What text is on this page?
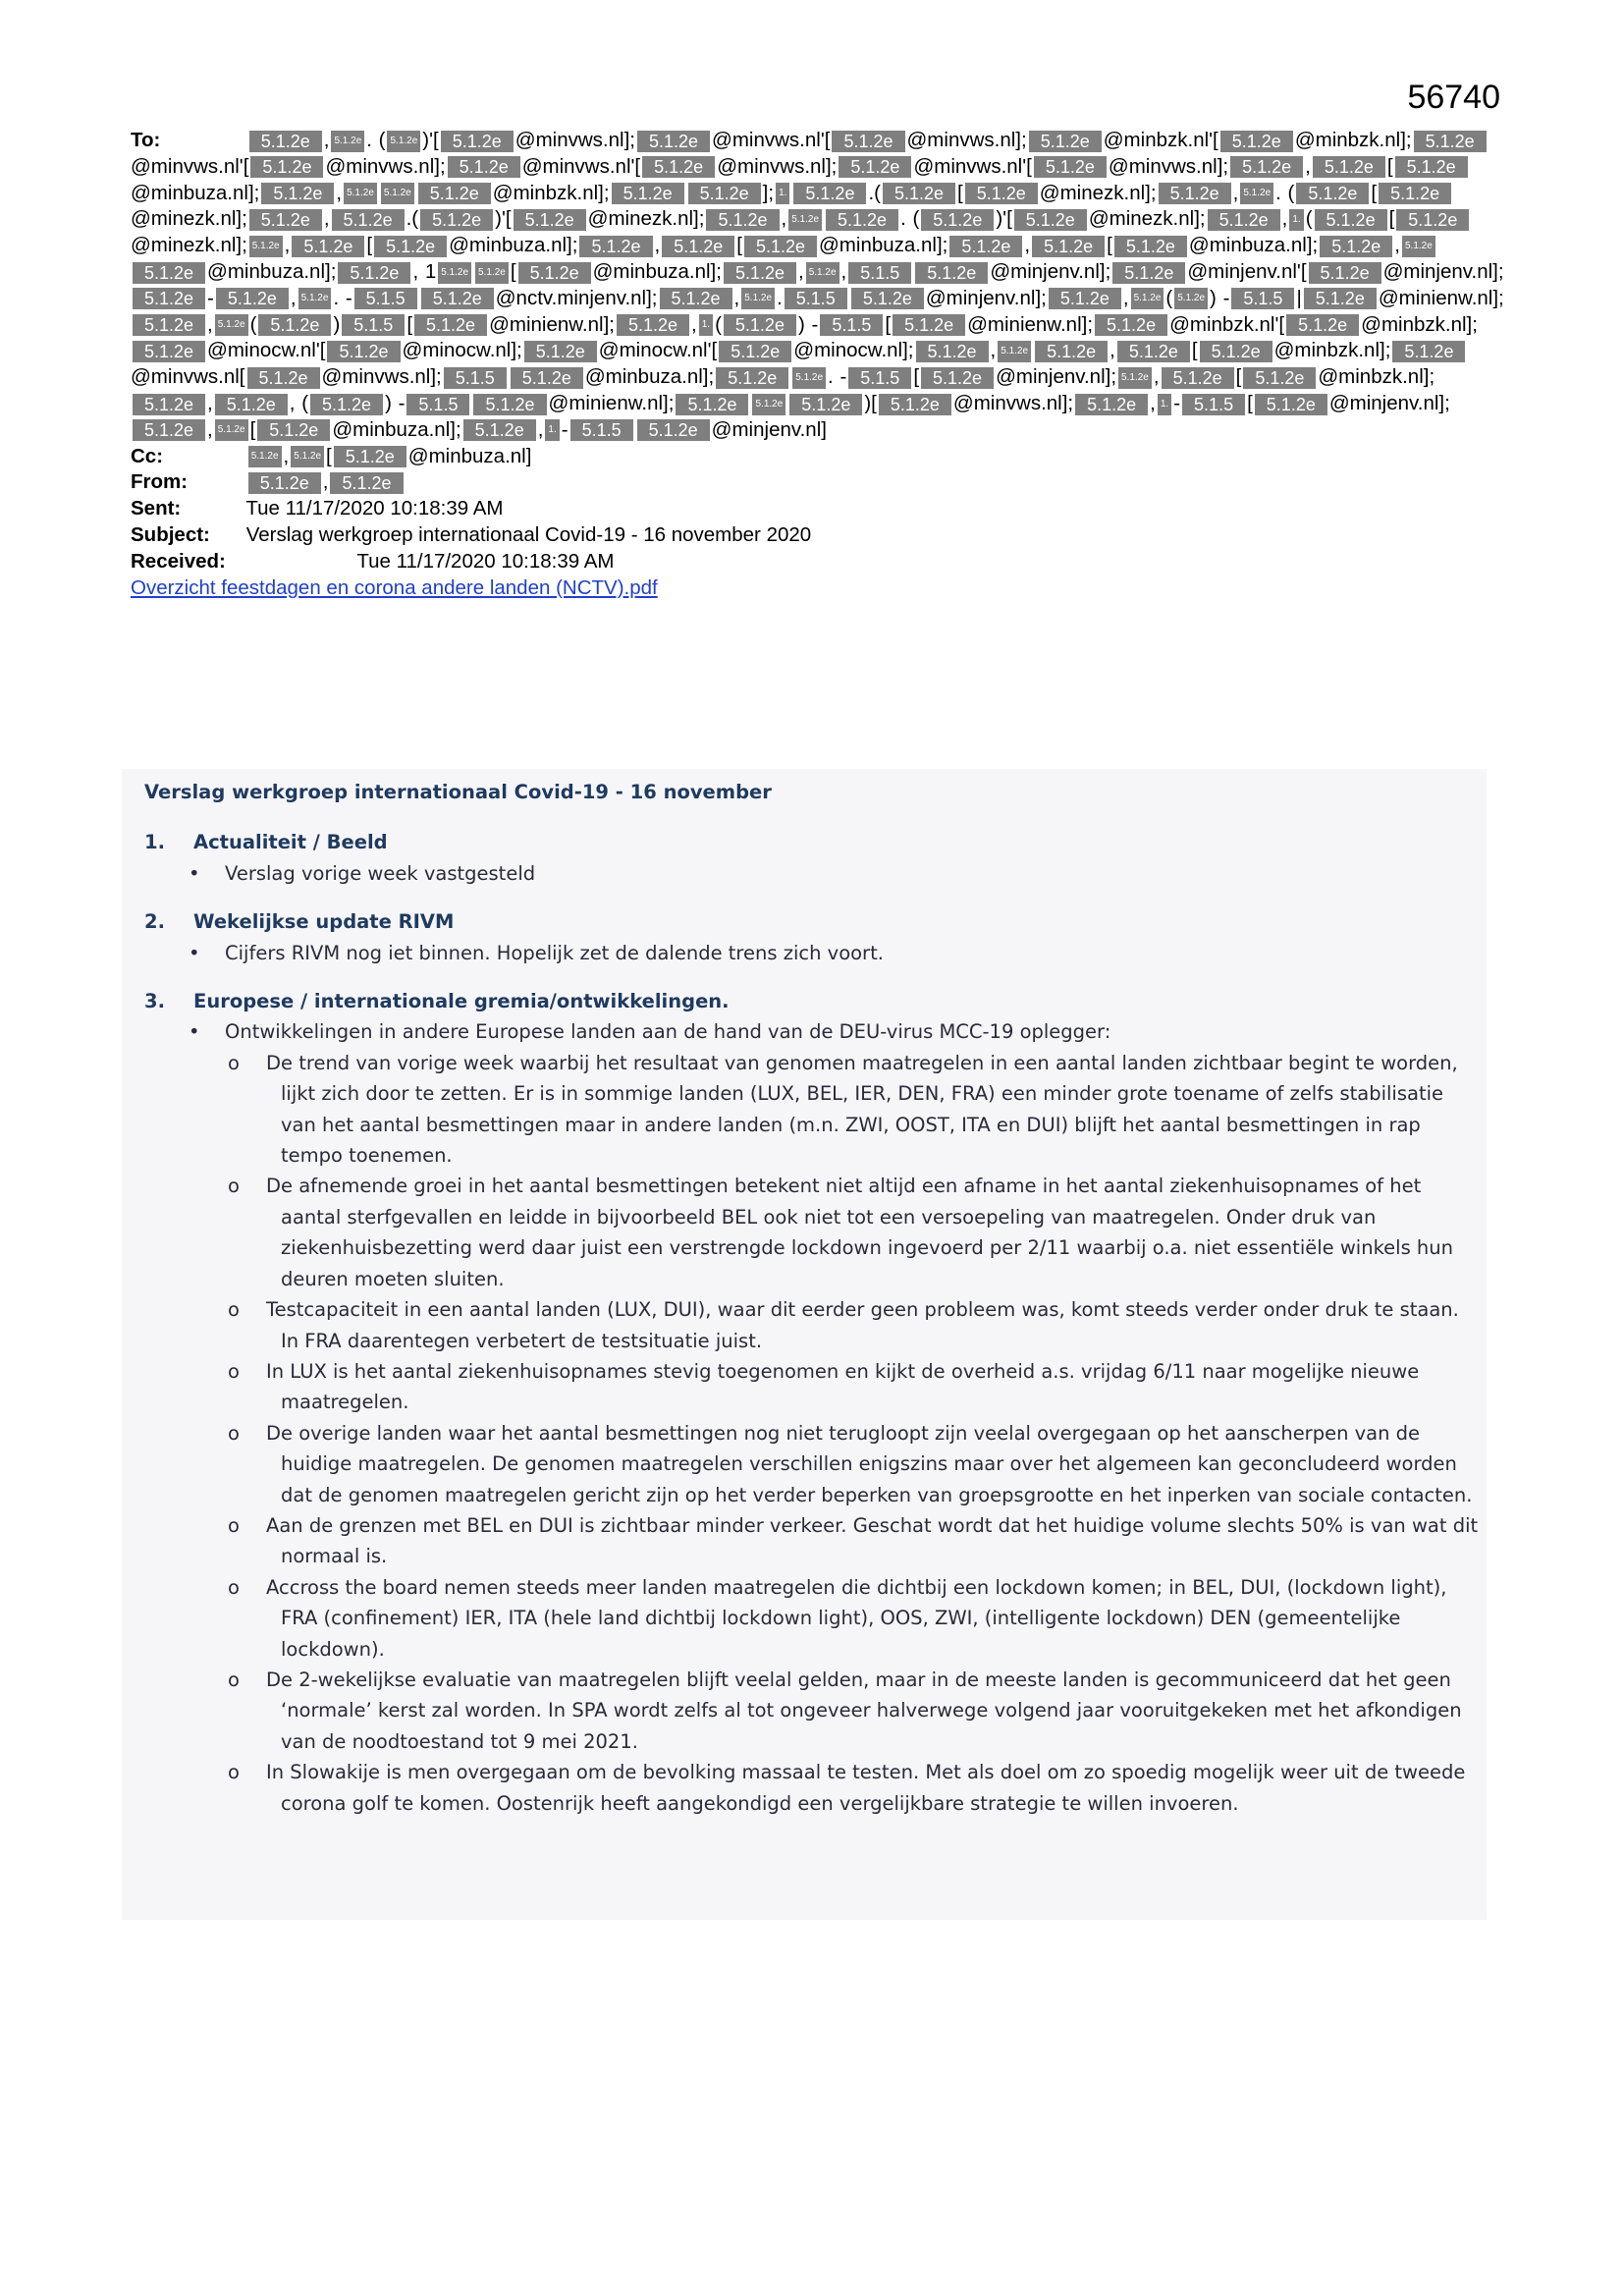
56740
To:	5.1.2e , 5.1.2e . ( 5.1.2e )'[ 5.1.2e @minvws.nl]; 5.1.2e @minvws.nl'[ 5.1.2e @minvws.nl]; 5.1.2e @minbzk.nl'[ 5.1.2e @minbzk.nl]; 5.1.2e@minvws.nl'[ 5.1.2e @minvws.nl]; 5.1.2e @minvws.nl'[ 5.1.2e @minvws.nl]; 5.1.2e @minvws.nl'[ 5.1.2e @minvws.nl]; 5.1.2e , 5.1.2e [ 5.1.2e@minbuza.nl]; 5.1.2e , 5.1.2e 5.1.2e 5.1.2e @minbzk.nl]; 5.1.2e 5.1.2e ]; 1. 5.1.2e .( 5.1.2e [ 5.1.2e @minezk.nl]; 5.1.2e , 5.1.2e . ( 5.1.2e [ 5.1.2e@minezk.nl]; 5.1.2e , 5.1.2e .( 5.1.2e )'[ 5.1.2e @minezk.nl]; 5.1.2e , 5.1.2e 5.1.2e . ( 5.1.2e )'[ 5.1.2e @minezk.nl]; 5.1.2e , 1. ( 5.1.2e [ 5.1.2e@minezk.nl]; 5.1.2e , 5.1.2e [ 5.1.2e @minbuza.nl]; 5.1.2e , 5.1.2e [ 5.1.2e @minbuza.nl]; 5.1.2e , 5.1.2e [ 5.1.2e @minbuza.nl]; 5.1.2e , 5.1.2e5.1.2e @minbuza.nl]; 5.1.2e , 1 5.1.2e 5.1.2e [ 5.1.2e @minbuza.nl]; 5.1.2e , 5.1.2e , 5.1.5 5.1.2e @minjenv.nl]; 5.1.2e @minjenv.nl'[ 5.1.2e @minjenv.nl];5.1.2e - 5.1.2e , 5.1.2e . - 5.1.5 5.1.2e @nctv.minjenv.nl]; 5.1.2e , 5.1.2e . 5.1.5 5.1.2e @minjenv.nl]; 5.1.2e , 5.1.2e ( 5.1.2e ) - 5.1.5 | 5.1.2e @minienw.nl];5.1.2e , 5.1.2e ( 5.1.2e ) 5.1.5 [ 5.1.2e @minienw.nl]; 5.1.2e , 1. ( 5.1.2e ) - 5.1.5 [ 5.1.2e @minienw.nl]; 5.1.2e @minbzk.nl'[ 5.1.2e @minbzk.nl];5.1.2e @minocw.nl'[ 5.1.2e @minocw.nl]; 5.1.2e @minocw.nl'[ 5.1.2e @minocw.nl]; 5.1.2e , 5.1.2e 5.1.2e , 5.1.2e [ 5.1.2e @minbzk.nl]; 5.1.2e@minvws.nl[ 5.1.2e @minvws.nl]; 5.1.5 5.1.2e @minbuza.nl]; 5.1.2e 5.1.2e . - 5.1.5 [ 5.1.2e @minjenv.nl]; 5.1.2e , 5.1.2e [ 5.1.2e @minbzk.nl];5.1.2e , 5.1.2e , ( 5.1.2e ) - 5.1.5 5.1.2e @minienw.nl]; 5.1.2e 5.1.2e 5.1.2e )[ 5.1.2e @minvws.nl]; 5.1.2e , 1. - 5.1.5 [ 5.1.2e @minjenv.nl];5.1.2e , 5.1.2e [ 5.1.2e @minbuza.nl]; 5.1.2e , 1. - 5.1.5 5.1.2e @minjenv.nl]
Cc:	5.1.2e , 5.1.2e [ 5.1.2e @minbuza.nl]
From:	5.1.2e , 5.1.2e
Sent:	Tue 11/17/2020 10:18:39 AM
Subject: Verslag werkgroep internationaal Covid-19 - 16 november 2020
Received:	Tue 11/17/2020 10:18:39 AM
Overzicht feestdagen en corona andere landen (NCTV).pdf
Verslag werkgroep internationaal Covid-19 - 16 november
1. Actualiteit / Beeld
• Verslag vorige week vastgesteld
2. Wekelijkse update RIVM
• Cijfers RIVM nog iet binnen. Hopelijk zet de dalende trens zich voort.
3. Europese / internationale gremia/ontwikkelingen.
• Ontwikkelingen in andere Europese landen aan de hand van de DEU-virus MCC-19 oplegger:
o De trend van vorige week waarbij het resultaat van genomen maatregelen in een aantal landen zichtbaar begint te worden, lijkt zich door te zetten. Er is in sommige landen (LUX, BEL, IER, DEN, FRA) een minder grote toename of zelfs stabilisatie van het aantal besmettingen maar in andere landen (m.n. ZWI, OOST, ITA en DUI) blijft het aantal besmettingen in rap tempo toenemen.
o De afnemende groei in het aantal besmettingen betekent niet altijd een afname in het aantal ziekenhuisopnames of het aantal sterfgevallen en leidde in bijvoorbeeld BEL ook niet tot een versoepeling van maatregelen. Onder druk van ziekenhuisbezetting werd daar juist een verstrengde lockdown ingevoerd per 2/11 waarbij o.a. niet essentiële winkels hun deuren moeten sluiten.
o Testcapaciteit in een aantal landen (LUX, DUI), waar dit eerder geen probleem was, komt steeds verder onder druk te staan. In FRA daarentegen verbetert de testsituatie juist.
o In LUX is het aantal ziekenhuisopnames stevig toegenomen en kijkt de overheid a.s. vrijdag 6/11 naar mogelijke nieuwe maatregelen.
o De overige landen waar het aantal besmettingen nog niet terugloopt zijn veelal overgegaan op het aanscherpen van de huidige maatregelen. De genomen maatregelen verschillen enigszins maar over het algemeen kan geconcludeerd worden dat de genomen maatregelen gericht zijn op het verder beperken van groepsgrootte en het inperken van sociale contacten.
o Aan de grenzen met BEL en DUI is zichtbaar minder verkeer. Geschat wordt dat het huidige volume slechts 50% is van wat dit normaal is.
o Accross the board nemen steeds meer landen maatregelen die dichtbij een lockdown komen; in BEL, DUI, (lockdown light), FRA (confinement) IER, ITA (hele land dichtbij lockdown light), OOS, ZWI, (intelligente lockdown) DEN (gemeentelijke lockdown).
o De 2-wekelijkse evaluatie van maatregelen blijft veelal gelden, maar in de meeste landen is gecommuniceerd dat het geen ‘normale’ kerst zal worden. In SPA wordt zelfs al tot ongeveer halverwege volgend jaar vooruitgekeken met het afkondigen van de noodtoestand tot 9 mei 2021.
o In Slowakije is men overgegaan om de bevolking massaal te testen. Met als doel om zo spoedig mogelijk weer uit de tweede corona golf te komen. Oostenrijk heeft aangekondigd een vergelijkbare strategie te willen invoeren.
